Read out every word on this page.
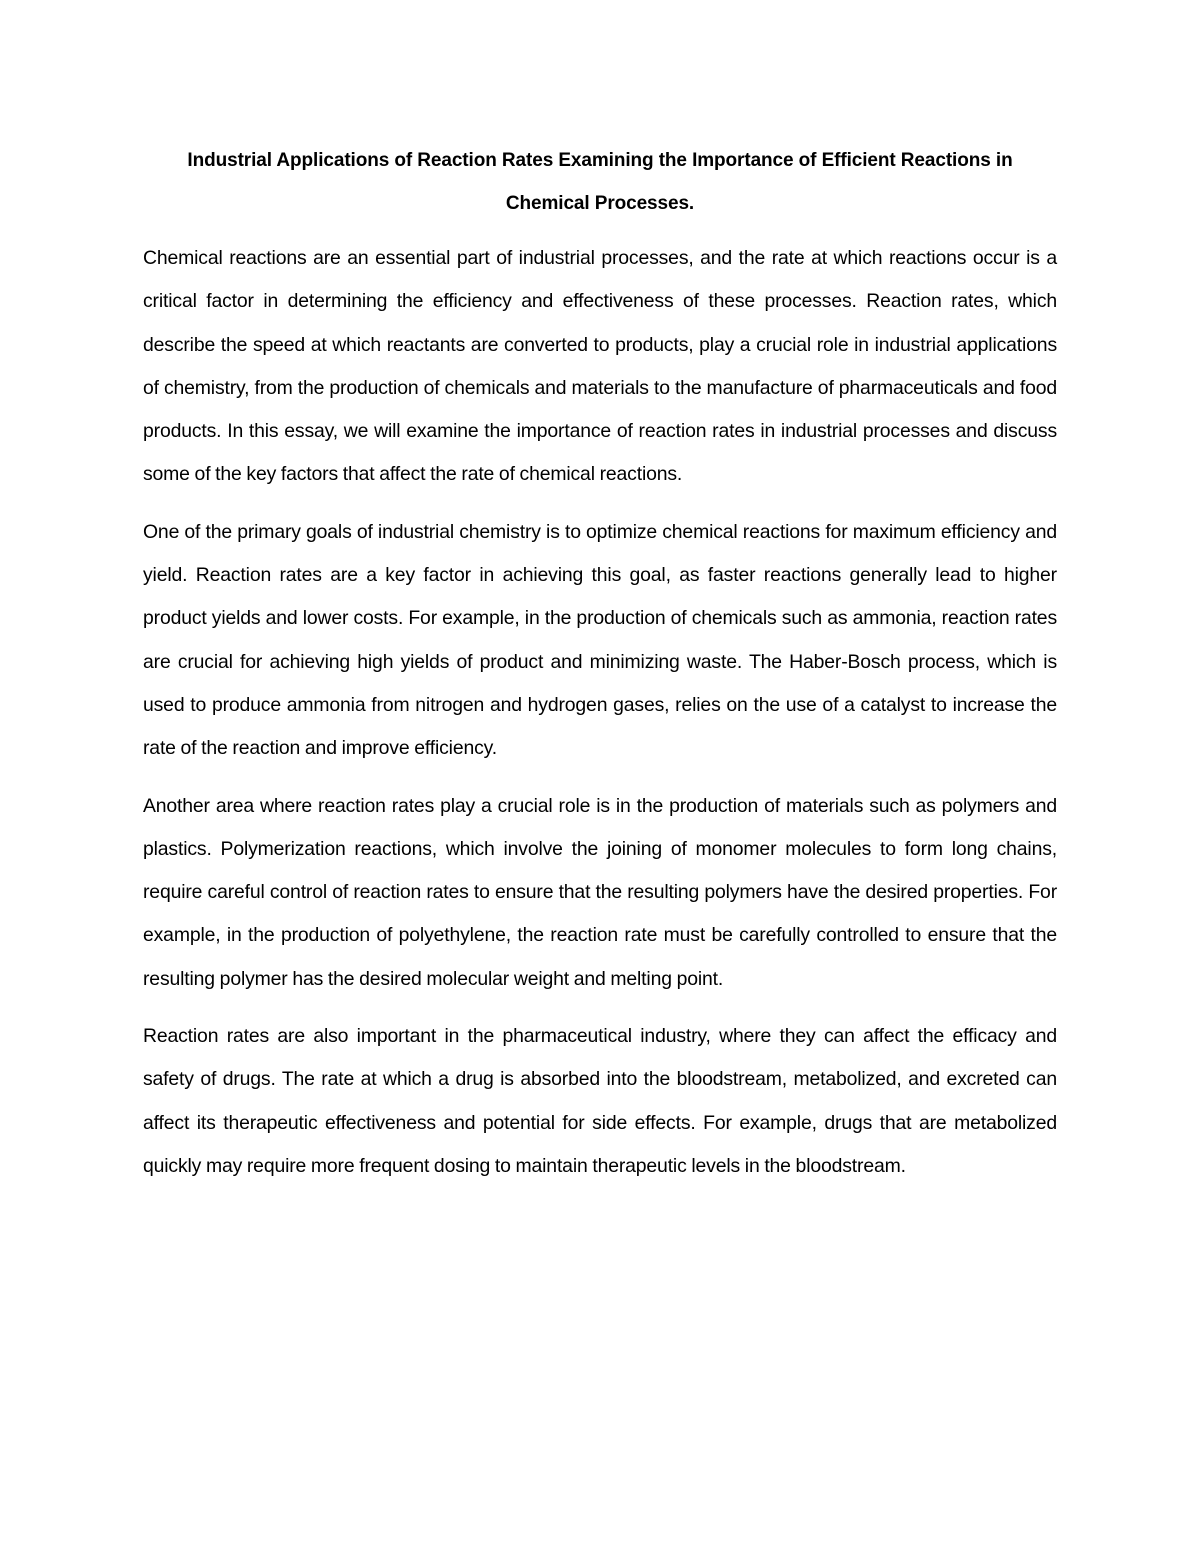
Industrial Applications of Reaction Rates Examining the Importance of Efficient Reactions in Chemical Processes.

Chemical reactions are an essential part of industrial processes, and the rate at which reactions occur is a critical factor in determining the efficiency and effectiveness of these processes. Reaction rates, which describe the speed at which reactants are converted to products, play a crucial role in industrial applications of chemistry, from the production of chemicals and materials to the manufacture of pharmaceuticals and food products. In this essay, we will examine the importance of reaction rates in industrial processes and discuss some of the key factors that affect the rate of chemical reactions.

One of the primary goals of industrial chemistry is to optimize chemical reactions for maximum efficiency and yield. Reaction rates are a key factor in achieving this goal, as faster reactions generally lead to higher product yields and lower costs. For example, in the production of chemicals such as ammonia, reaction rates are crucial for achieving high yields of product and minimizing waste. The Haber-Bosch process, which is used to produce ammonia from nitrogen and hydrogen gases, relies on the use of a catalyst to increase the rate of the reaction and improve efficiency.

Another area where reaction rates play a crucial role is in the production of materials such as polymers and plastics. Polymerization reactions, which involve the joining of monomer molecules to form long chains, require careful control of reaction rates to ensure that the resulting polymers have the desired properties. For example, in the production of polyethylene, the reaction rate must be carefully controlled to ensure that the resulting polymer has the desired molecular weight and melting point.

Reaction rates are also important in the pharmaceutical industry, where they can affect the efficacy and safety of drugs. The rate at which a drug is absorbed into the bloodstream, metabolized, and excreted can affect its therapeutic effectiveness and potential for side effects. For example, drugs that are metabolized quickly may require more frequent dosing to maintain therapeutic levels in the bloodstream.
